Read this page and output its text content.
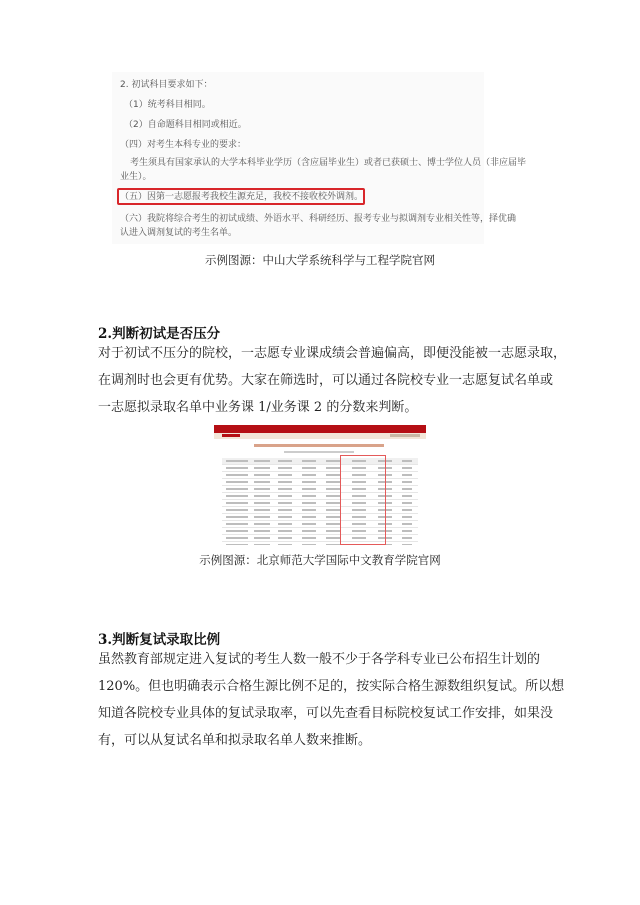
2. 初试科目要求如下：
（1）统考科目相同。
（2）自命题科目相同或相近。
（四）对考生本科专业的要求：
考生须具有国家承认的大学本科毕业学历（含应届毕业生）或者已获硕士、博士学位人员（非应届毕
业生）。
（五）因第一志愿报考我校生源充足，我校不接收校外调剂。
（六）我院将综合考生的初试成绩、外语水平、科研经历、报考专业与拟调剂专业相关性等，择优确
认进入调剂复试的考生名单。
示例图源：中山大学系统科学与工程学院官网
2.判断初试是否压分
对于初试不压分的院校，一志愿专业课成绩会普遍偏高，即便没能被一志愿录取，
在调剂时也会更有优势。大家在筛选时，可以通过各院校专业一志愿复试名单或
一志愿拟录取名单中业务课 1/业务课 2 的分数来判断。
示例图源：北京师范大学国际中文教育学院官网
3.判断复试录取比例
虽然教育部规定进入复试的考生人数一般不少于各学科专业已公布招生计划的
120%。但也明确表示合格生源比例不足的，按实际合格生源数组织复试。所以想
知道各院校专业具体的复试录取率，可以先查看目标院校复试工作安排，如果没
有，可以从复试名单和拟录取名单人数来推断。
